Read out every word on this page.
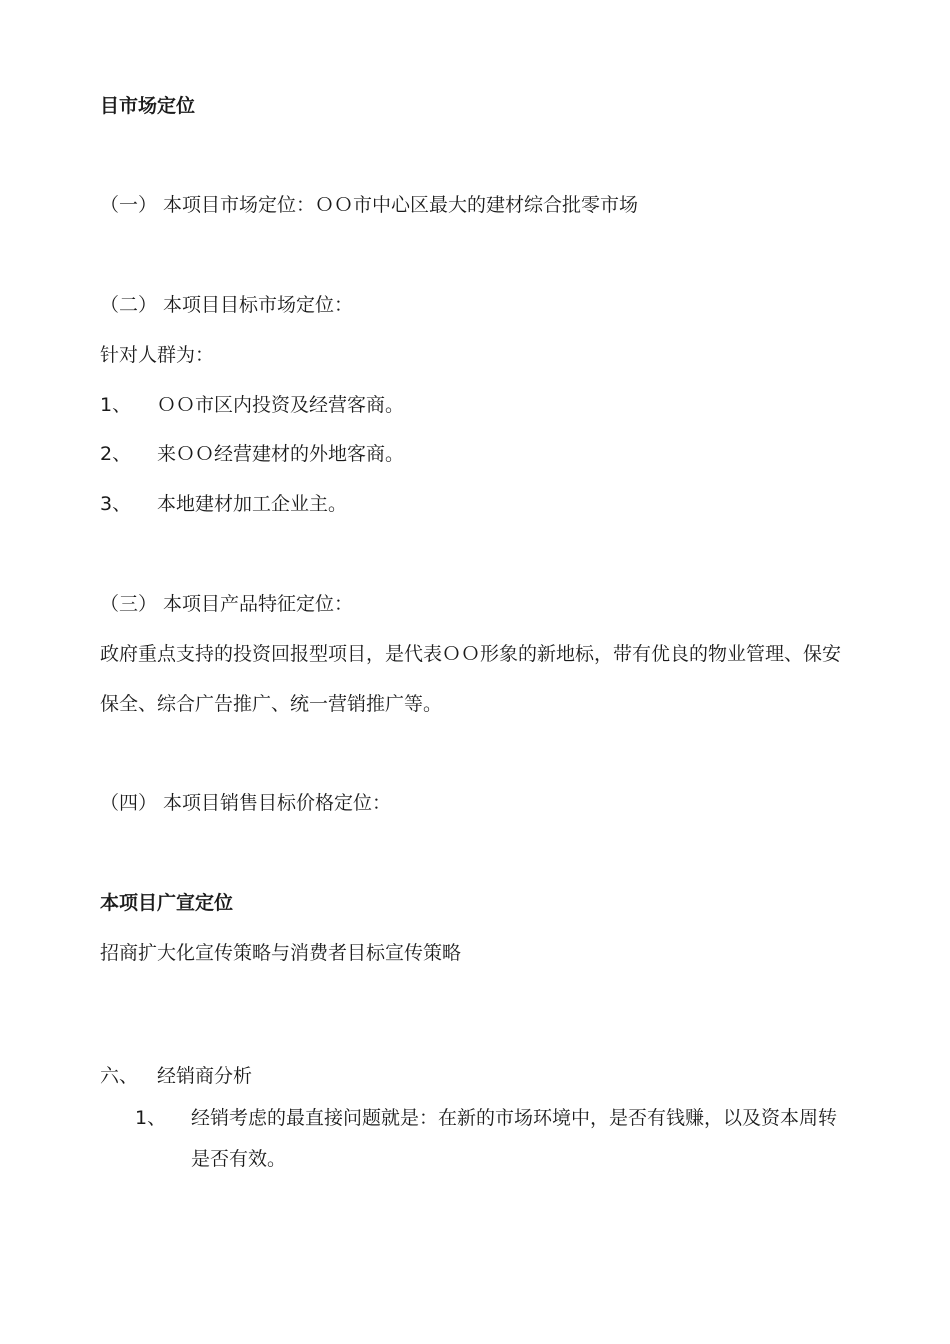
目市场定位
（一） 本项目市场定位：ＯＯ市中心区最大的建材综合批零市场
（二） 本项目目标市场定位：
针对人群为：
1、 ＯＯ市区内投资及经营客商。
2、 来ＯＯ经营建材的外地客商。
3、 本地建材加工企业主。
（三） 本项目产品特征定位：
政府重点支持的投资回报型项目，是代表ＯＯ形象的新地标，带有优良的物业管理、保安
保全、综合广告推广、统一营销推广等。
（四） 本项目销售目标价格定位：
本项目广宣定位
招商扩大化宣传策略与消费者目标宣传策略
六、 经销商分析
1、 经销考虑的最直接问题就是：在新的市场环境中，是否有钱赚，以及资本周转
是否有效。
